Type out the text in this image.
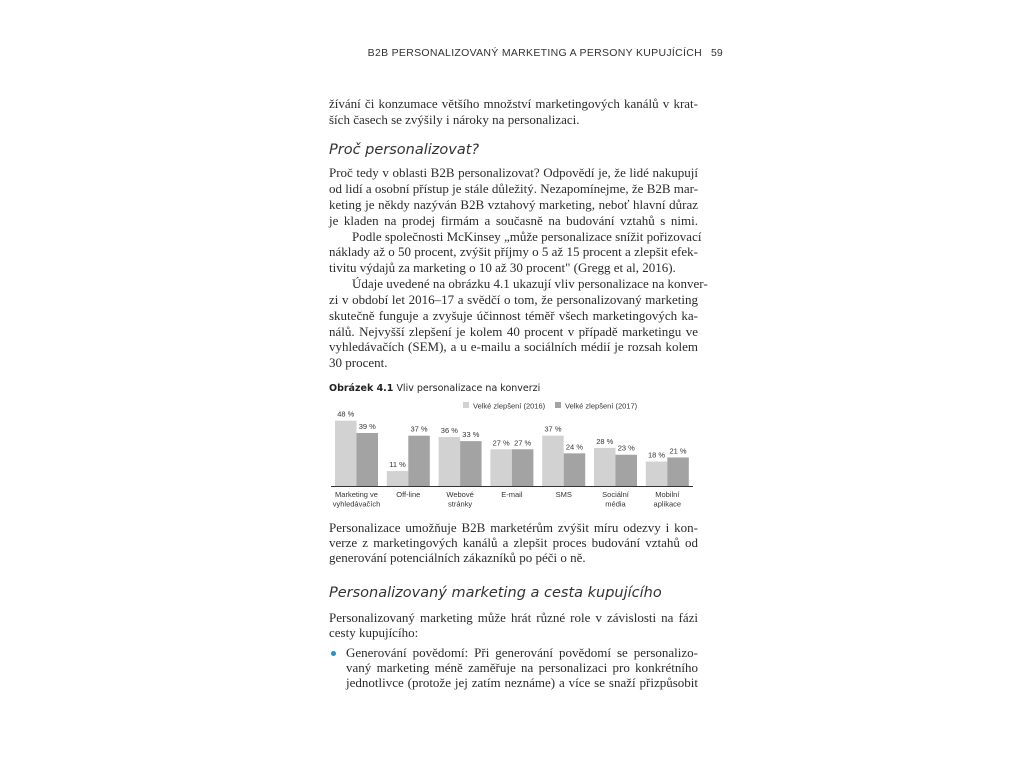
B2B PERSONALIZOVANÝ MARKETING A PERSONY KUPUJÍCÍCH 59
žívání či konzumace většího množství marketingových kanálů v krat-
ších časech se zvýšily i nároky na personalizaci.
Proč personalizovat?
Proč tedy v oblasti B2B personalizovat? Odpovědí je, že lidé nakupují
od lidí a osobní přístup je stále důležitý. Nezapomínejme, že B2B mar-
keting je někdy nazýván B2B vztahový marketing, neboť hlavní důraz
je kladen na prodej firmám a současně na budování vztahů s nimi.
Podle společnosti McKinsey „může personalizace snížit pořizovací
náklady až o 50 procent, zvýšit příjmy o 5 až 15 procent a zlepšit efek-
tivitu výdajů za marketing o 10 až 30 procent" (Gregg et al, 2016).
Údaje uvedené na obrázku 4.1 ukazují vliv personalizace na konver-
zi v období let 2016–17 a svědčí o tom, že personalizovaný marketing
skutečně funguje a zvyšuje účinnost téměř všech marketingových ka-
nálů. Nejvyšší zlepšení je kolem 40 procent v případě marketingu ve
vyhledávačích (SEM), a u e-mailu a sociálních médií je rozsah kolem
30 procent.
Obrázek 4.1 Vliv personalizace na konverzi
Velké zlepšení (2016)	Velké zlepšení (2017)
48 %
39 %
Marketing ve
vyhledávačích
11 %
37 %
Off-line
36 % 33 %
Webové
stránky
27 % 27 %
E-mail
37 %
24 %
SMS
28 %
23 %
Sociální
média
18 % 21 %
Mobilní
aplikace
Personalizace umožňuje B2B marketérům zvýšit míru odezvy i kon-
verze z marketingových kanálů a zlepšit proces budování vztahů od
generování potenciálních zákazníků po péči o ně.
Personalizovaný marketing a cesta kupujícího
Personalizovaný marketing může hrát různé role v závislosti na fázi
cesty kupujícího:
Generování povědomí: Při generování povědomí se personalizo-
vaný marketing méně zaměřuje na personalizaci pro konkrétního
jednotlivce (protože jej zatím neznáme) a více se snaží přizpůsobit
